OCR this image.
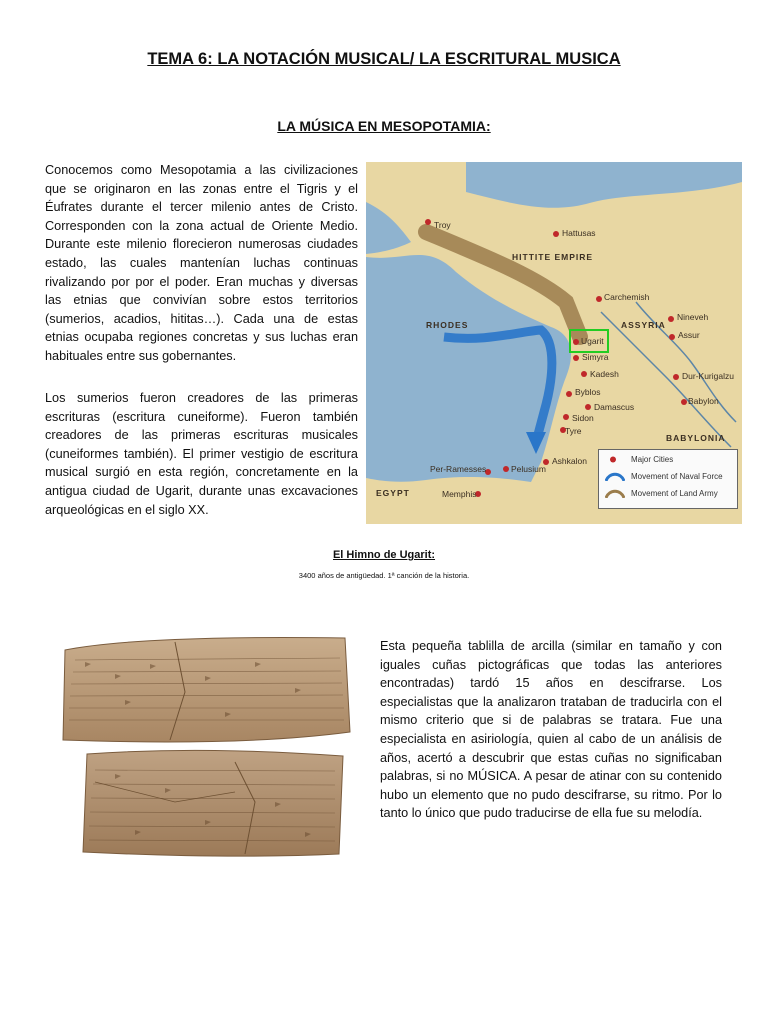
TEMA 6: LA NOTACIÓN MUSICAL/ LA ESCRITURAL MUSICA
LA MÚSICA EN MESOPOTAMIA:

Conocemos como Mesopotamia a las civilizaciones que se originaron en las zonas entre el Tigris y el Éufrates durante el tercer milenio antes de Cristo. Corresponden con la zona actual de Oriente Medio. Durante este milenio florecieron numerosas ciudades estado, las cuales mantenían luchas continuas rivalizando por por el poder. Eran muchas y diversas las etnias que convivían sobre estos territorios (sumerios, acadios, hititas…). Cada una de estas etnias ocupaba regiones concretas y sus luchas eran habituales entre sus gobernantes.

Los sumerios fueron creadores de las primeras escrituras (escritura cuneiforme). Fueron también creadores de las primeras escrituras musicales (cuneiformes también). El primer vestigio de escritura musical surgió en esta región, concretamente en la antigua ciudad de Ugarit, durante unas excavaciones arqueológicas en el siglo XX.

Troy
Hattusas
HITTITE EMPIRE
Carchemish
Nineveh
ASSYRIA
Assur
RHODES
Ugarit
Simyra
Kadesh	Dur-Kurigalzu
Byblos
Damascus
Babylon
Sidon
Tyre
BABYLONIA
Per-Ramesses	Pelusium
Ashkalon
EGYPT	Memphis
Major Cities
Movement of Naval Force
Movement of Land Army
El Himno de Ugarit:
3400 años de antigüedad. 1ª canción de la historia.

Esta pequeña tablilla de arcilla (similar en tamaño y con iguales cuñas pictográficas que todas las anteriores encontradas) tardó 15 años en descifrarse. Los especialistas que la analizaron trataban de traducirla con el mismo criterio que si de palabras se tratara. Fue una especialista en asiriología, quien al cabo de un análisis de años, acertó a descubrir que estas cuñas no significaban palabras, si no MÚSICA. A pesar de atinar con su contenido hubo un elemento que no pudo descifrarse, su ritmo. Por lo tanto lo único que pudo traducirse de ella fue su melodía.
